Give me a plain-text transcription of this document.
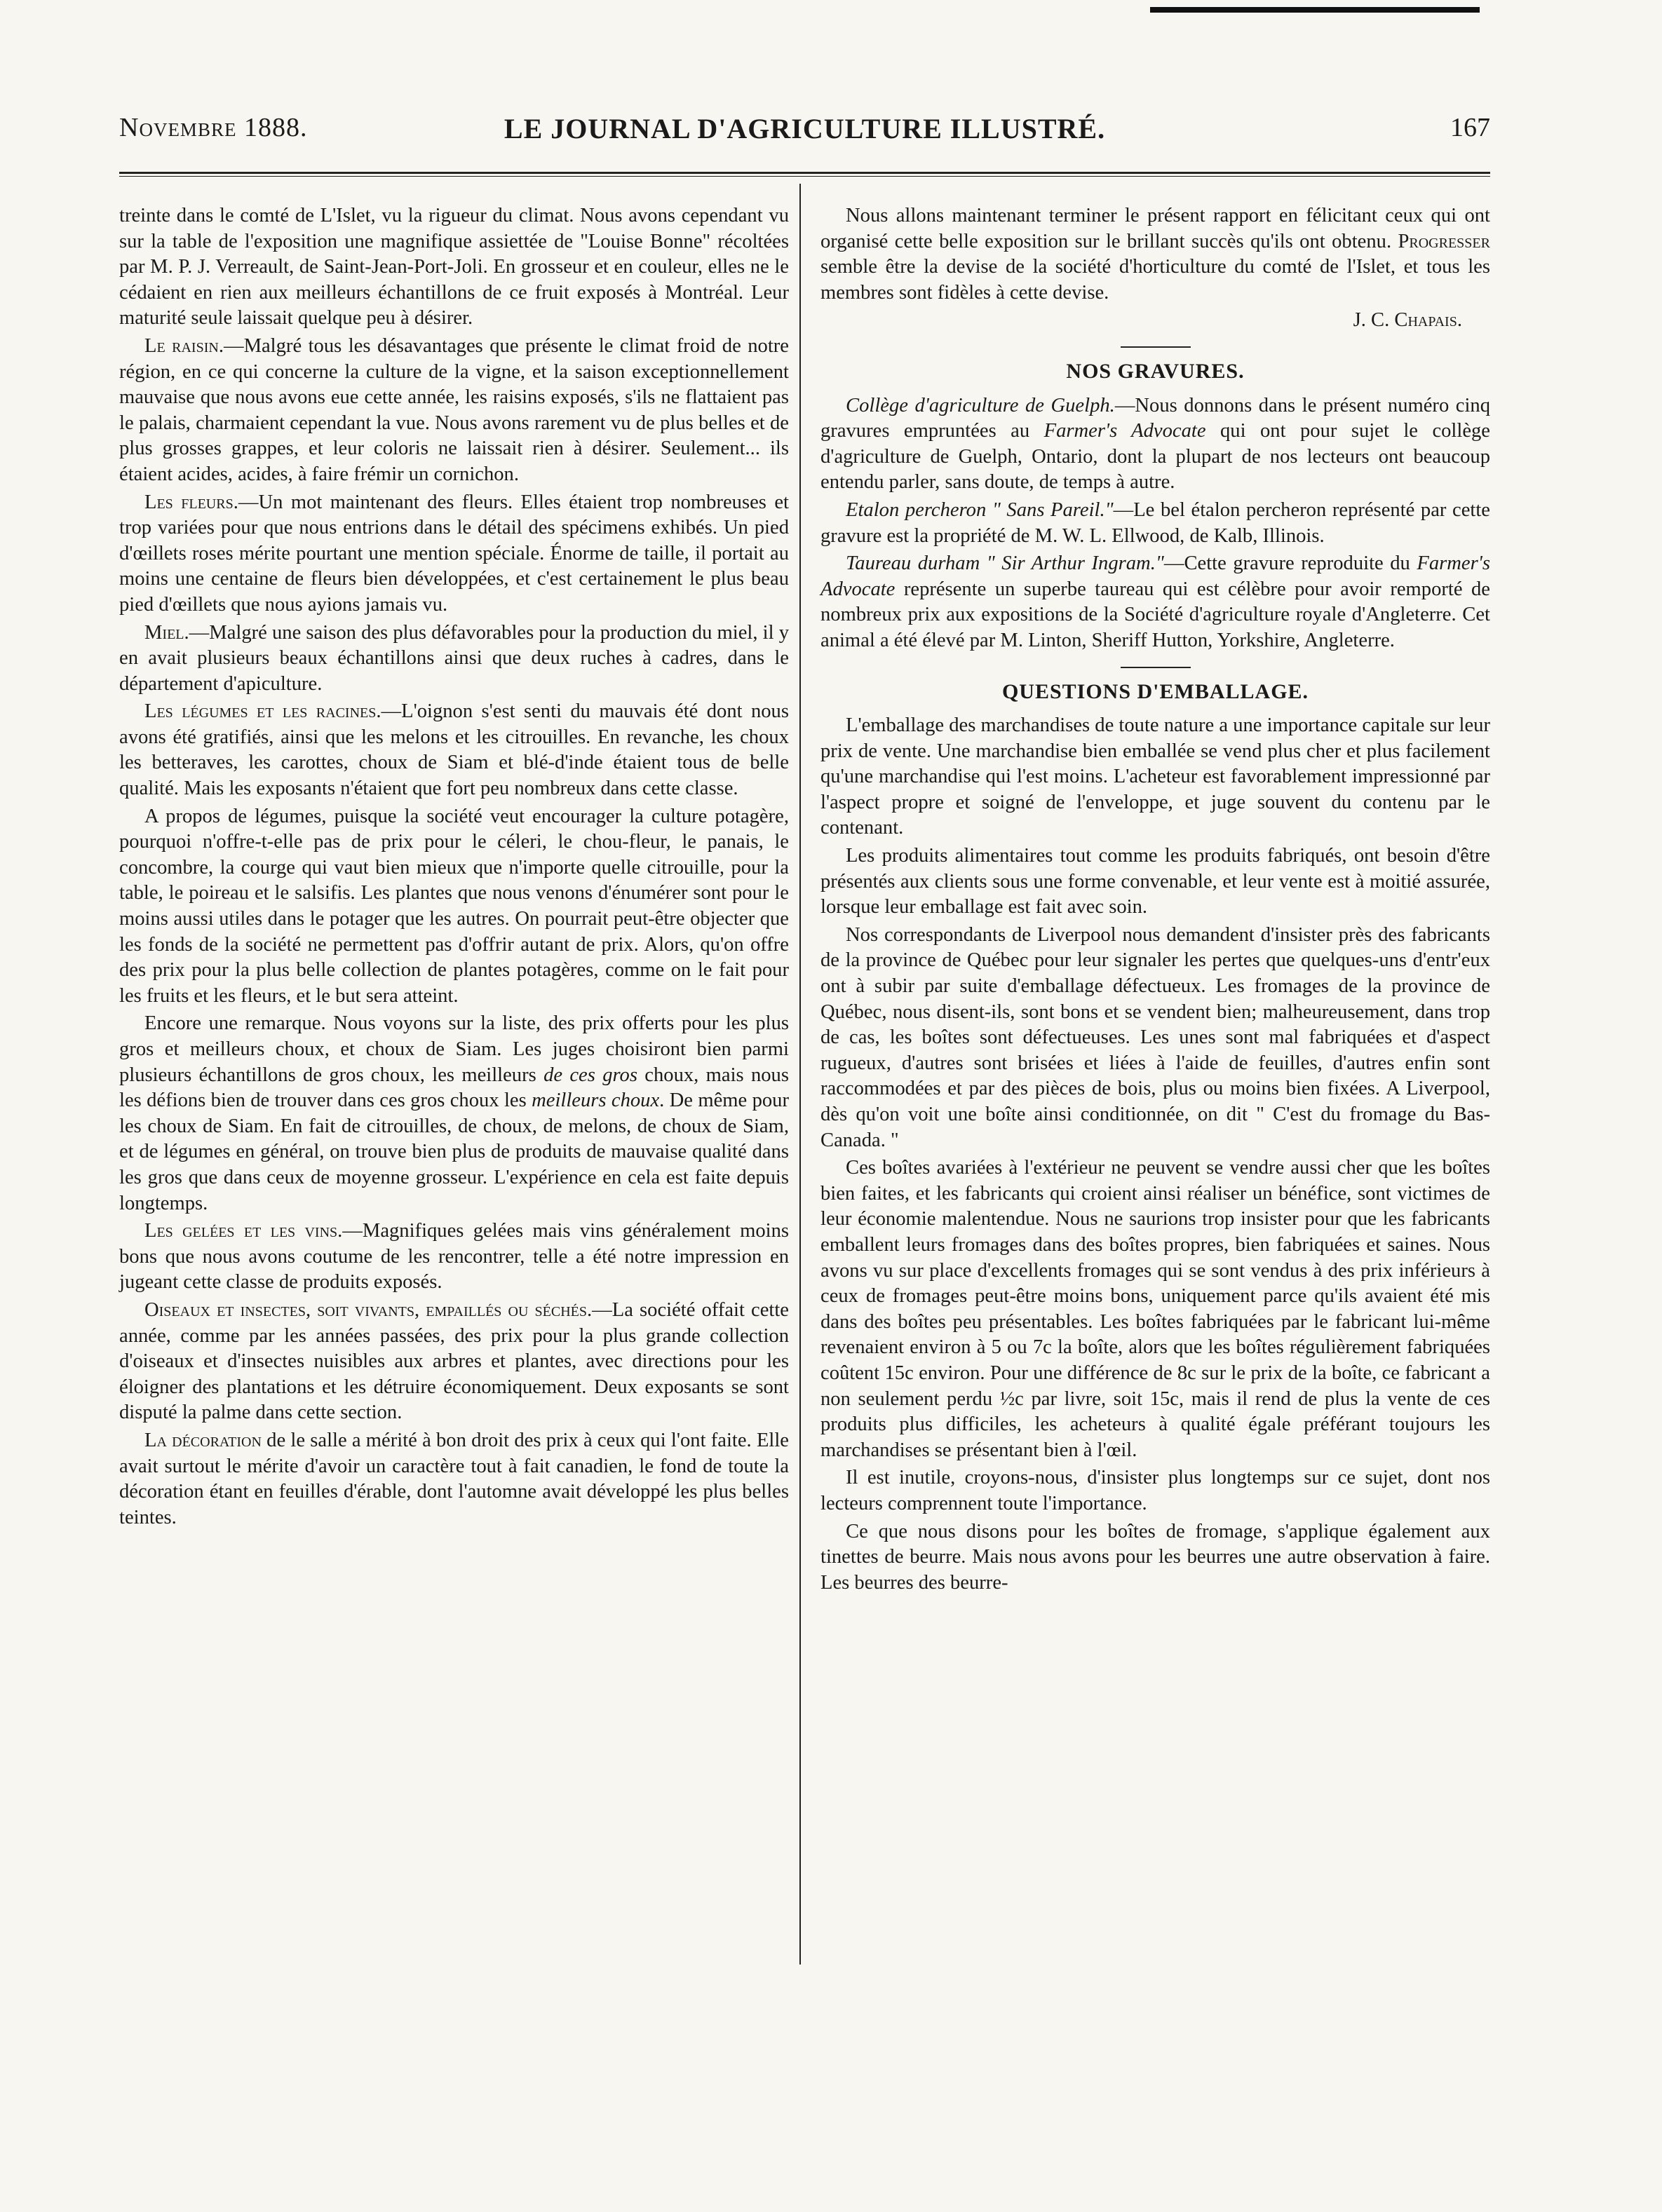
Novembre 1888.	LE JOURNAL D'AGRICULTURE ILLUSTRÉ.	167

treinte dans le comté de L'Islet, vu la rigueur du climat. Nous avons cependant vu sur la table de l'exposition une magnifique assiettée de "Louise Bonne" récoltées par M. P. J. Verreault, de Saint-Jean-Port-Joli. En grosseur et en couleur, elles ne le cédaient en rien aux meilleurs échantillons de ce fruit exposés à Montréal. Leur maturité seule laissait quelque peu à désirer.

Le raisin.—Malgré tous les désavantages que présente le climat froid de notre région, en ce qui concerne la culture de la vigne, et la saison exceptionnellement mauvaise que nous avons eue cette année, les raisins exposés, s'ils ne flattaient pas le palais, charmaient cependant la vue. Nous avons rarement vu de plus belles et de plus grosses grappes, et leur coloris ne laissait rien à désirer. Seulement... ils étaient acides, acides, à faire frémir un cornichon.

Les fleurs.—Un mot maintenant des fleurs. Elles étaient trop nombreuses et trop variées pour que nous entrions dans le détail des spécimens exhibés. Un pied d'œillets roses mérite pourtant une mention spéciale. Énorme de taille, il portait au moins une centaine de fleurs bien développées, et c'est certainement le plus beau pied d'œillets que nous ayions jamais vu.

Miel.—Malgré une saison des plus défavorables pour la production du miel, il y en avait plusieurs beaux échantillons ainsi que deux ruches à cadres, dans le département d'apiculture.

Les légumes et les racines.—L'oignon s'est senti du mauvais été dont nous avons été gratifiés, ainsi que les melons et les citrouilles. En revanche, les choux les betteraves, les carottes, choux de Siam et blé-d'inde étaient tous de belle qualité. Mais les exposants n'étaient que fort peu nombreux dans cette classe.

A propos de légumes, puisque la société veut encourager la culture potagère, pourquoi n'offre-t-elle pas de prix pour le céleri, le chou-fleur, le panais, le concombre, la courge qui vaut bien mieux que n'importe quelle citrouille, pour la table, le poireau et le salsifis. Les plantes que nous venons d'énumérer sont pour le moins aussi utiles dans le potager que les autres. On pourrait peut-être objecter que les fonds de la société ne permettent pas d'offrir autant de prix. Alors, qu'on offre des prix pour la plus belle collection de plantes potagères, comme on le fait pour les fruits et les fleurs, et le but sera atteint.

Encore une remarque. Nous voyons sur la liste, des prix offerts pour les plus gros et meilleurs choux, et choux de Siam. Les juges choisiront bien parmi plusieurs échantillons de gros choux, les meilleurs de ces gros choux, mais nous les défions bien de trouver dans ces gros choux les meilleurs choux. De même pour les choux de Siam. En fait de citrouilles, de choux, de melons, de choux de Siam, et de légumes en général, on trouve bien plus de produits de mauvaise qualité dans les gros que dans ceux de moyenne grosseur. L'expérience en cela est faite depuis longtemps.

Les gelées et les vins.—Magnifiques gelées mais vins généralement moins bons que nous avons coutume de les rencontrer, telle a été notre impression en jugeant cette classe de produits exposés.

Oiseaux et insectes, soit vivants, empaillés ou séchés.—La société offait cette année, comme par les années passées, des prix pour la plus grande collection d'oiseaux et d'insectes nuisibles aux arbres et plantes, avec directions pour les éloigner des plantations et les détruire économiquement. Deux exposants se sont disputé la palme dans cette section.

La décoration de le salle a mérité à bon droit des prix à ceux qui l'ont faite. Elle avait surtout le mérite d'avoir un caractère tout à fait canadien, le fond de toute la décoration étant en feuilles d'érable, dont l'automne avait développé les plus belles teintes.

Nous allons maintenant terminer le présent rapport en félicitant ceux qui ont organisé cette belle exposition sur le brillant succès qu'ils ont obtenu. Progresser semble être la devise de la société d'horticulture du comté de l'Islet, et tous les membres sont fidèles à cette devise.

J. C. Chapais.

NOS GRAVURES.

Collège d'agriculture de Guelph.—Nous donnons dans le présent numéro cinq gravures empruntées au Farmer's Advocate qui ont pour sujet le collège d'agriculture de Guelph, Ontario, dont la plupart de nos lecteurs ont beaucoup entendu parler, sans doute, de temps à autre.

Etalon percheron " Sans Pareil."—Le bel étalon percheron représenté par cette gravure est la propriété de M. W. L. Ellwood, de Kalb, Illinois.

Taureau durham " Sir Arthur Ingram."—Cette gravure reproduite du Farmer's Advocate représente un superbe taureau qui est célèbre pour avoir remporté de nombreux prix aux expositions de la Société d'agriculture royale d'Angleterre. Cet animal a été élevé par M. Linton, Sheriff Hutton, Yorkshire, Angleterre.

QUESTIONS D'EMBALLAGE.

L'emballage des marchandises de toute nature a une importance capitale sur leur prix de vente. Une marchandise bien emballée se vend plus cher et plus facilement qu'une marchandise qui l'est moins. L'acheteur est favorablement impressionné par l'aspect propre et soigné de l'enveloppe, et juge souvent du contenu par le contenant.

Les produits alimentaires tout comme les produits fabriqués, ont besoin d'être présentés aux clients sous une forme convenable, et leur vente est à moitié assurée, lorsque leur emballage est fait avec soin.

Nos correspondants de Liverpool nous demandent d'insister près des fabricants de la province de Québec pour leur signaler les pertes que quelques-uns d'entr'eux ont à subir par suite d'emballage défectueux. Les fromages de la province de Québec, nous disent-ils, sont bons et se vendent bien; malheureusement, dans trop de cas, les boîtes sont défectueuses. Les unes sont mal fabriquées et d'aspect rugueux, d'autres sont brisées et liées à l'aide de feuilles, d'autres enfin sont raccommodées et par des pièces de bois, plus ou moins bien fixées. A Liverpool, dès qu'on voit une boîte ainsi conditionnée, on dit " C'est du fromage du Bas-Canada. "

Ces boîtes avariées à l'extérieur ne peuvent se vendre aussi cher que les boîtes bien faites, et les fabricants qui croient ainsi réaliser un bénéfice, sont victimes de leur économie malentendue. Nous ne saurions trop insister pour que les fabricants emballent leurs fromages dans des boîtes propres, bien fabriquées et saines. Nous avons vu sur place d'excellents fromages qui se sont vendus à des prix inférieurs à ceux de fromages peut-être moins bons, uniquement parce qu'ils avaient été mis dans des boîtes peu présentables. Les boîtes fabriquées par le fabricant lui-même revenaient environ à 5 ou 7c la boîte, alors que les boîtes régulièrement fabriquées coûtent 15c environ. Pour une différence de 8c sur le prix de la boîte, ce fabricant a non seulement perdu ½c par livre, soit 15c, mais il rend de plus la vente de ces produits plus difficiles, les acheteurs à qualité égale préférant toujours les marchandises se présentant bien à l'œil.

Il est inutile, croyons-nous, d'insister plus longtemps sur ce sujet, dont nos lecteurs comprennent toute l'importance.

Ce que nous disons pour les boîtes de fromage, s'applique également aux tinettes de beurre. Mais nous avons pour les beurres une autre observation à faire. Les beurres des beurre-
